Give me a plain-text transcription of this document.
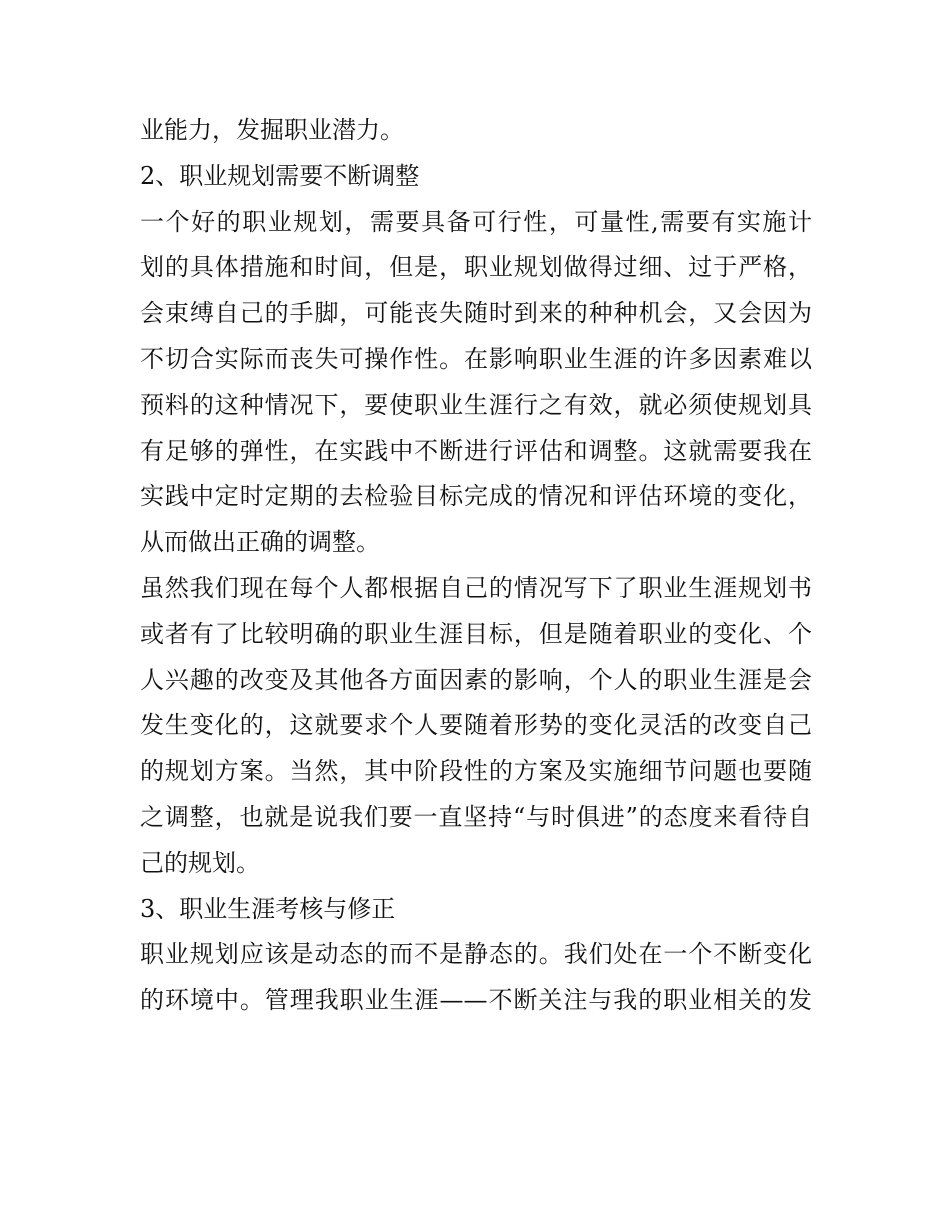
业能力，发掘职业潜力。
2、职业规划需要不断调整
一个好的职业规划，需要具备可行性，可量性,需要有实施计
划的具体措施和时间，但是，职业规划做得过细、过于严格，
会束缚自己的手脚，可能丧失随时到来的种种机会，又会因为
不切合实际而丧失可操作性。在影响职业生涯的许多因素难以
预料的这种情况下，要使职业生涯行之有效，就必须使规划具
有足够的弹性，在实践中不断进行评估和调整。这就需要我在
实践中定时定期的去检验目标完成的情况和评估环境的变化，
从而做出正确的调整。
虽然我们现在每个人都根据自己的情况写下了职业生涯规划书
或者有了比较明确的职业生涯目标，但是随着职业的变化、个
人兴趣的改变及其他各方面因素的影响，个人的职业生涯是会
发生变化的，这就要求个人要随着形势的变化灵活的改变自己
的规划方案。当然，其中阶段性的方案及实施细节问题也要随
之调整，也就是说我们要一直坚持“与时俱进”的态度来看待自
己的规划。
3、职业生涯考核与修正
职业规划应该是动态的而不是静态的。我们处在一个不断变化
的环境中。管理我职业生涯——不断关注与我的职业相关的发
